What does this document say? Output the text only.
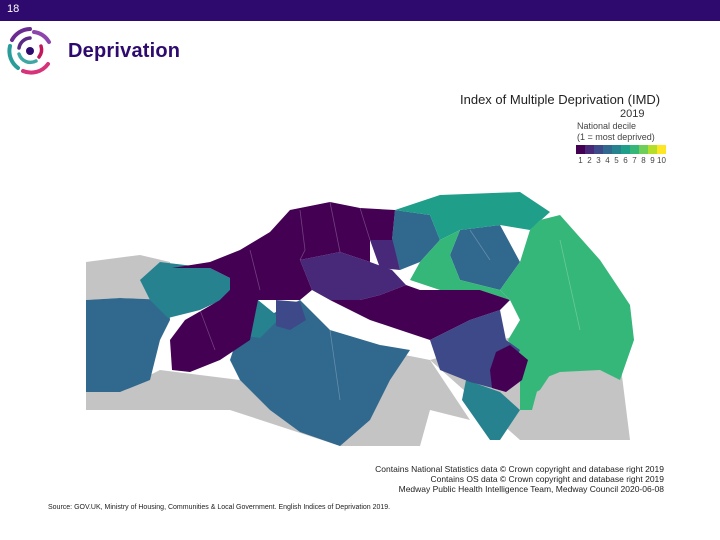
18
Deprivation
Index of Multiple Deprivation (IMD)
2019
National decile
(1 = most deprived)
1 2 3 4 5 6 7 8 9 10
Contains National Statistics data © Crown copyright and database right 2019
Contains OS data © Crown copyright and database right 2019
Medway Public Health Intelligence Team, Medway Council 2020-06-08
Source: GOV.UK, Ministry of Housing, Communities & Local Government. English Indices of Deprivation 2019.
